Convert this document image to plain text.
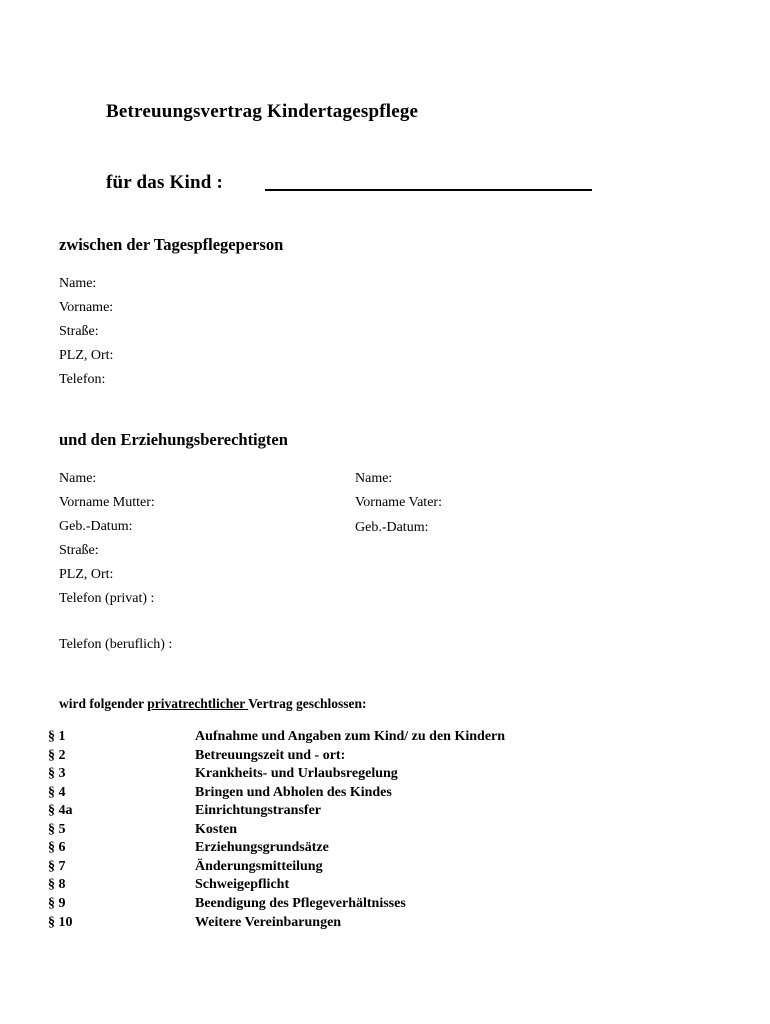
Betreuungsvertrag Kindertagespflege
für das Kind :
zwischen der Tagespflegeperson
Name:
Vorname:
Straße:
PLZ, Ort:
Telefon:
und den Erziehungsberechtigten
Name:
Vorname Mutter:
Geb.-Datum:
Name:
Vorname Vater:
Geb.-Datum:
Straße:
PLZ, Ort:
Telefon (privat) :
Telefon (beruflich) :
wird folgender privatrechtlicher Vertrag geschlossen:
§ 1	Aufnahme und Angaben zum Kind/ zu den Kindern
§ 2	Betreuungszeit und - ort:
§ 3	Krankheits- und Urlaubsregelung
§ 4	Bringen und Abholen des Kindes
§ 4a	Einrichtungstransfer
§ 5	Kosten
§ 6	Erziehungsgrundsätze
§ 7	Änderungsmitteilung
§ 8	Schweigepflicht
§ 9	Beendigung des Pflegeverhältnisses
§ 10	Weitere Vereinbarungen
